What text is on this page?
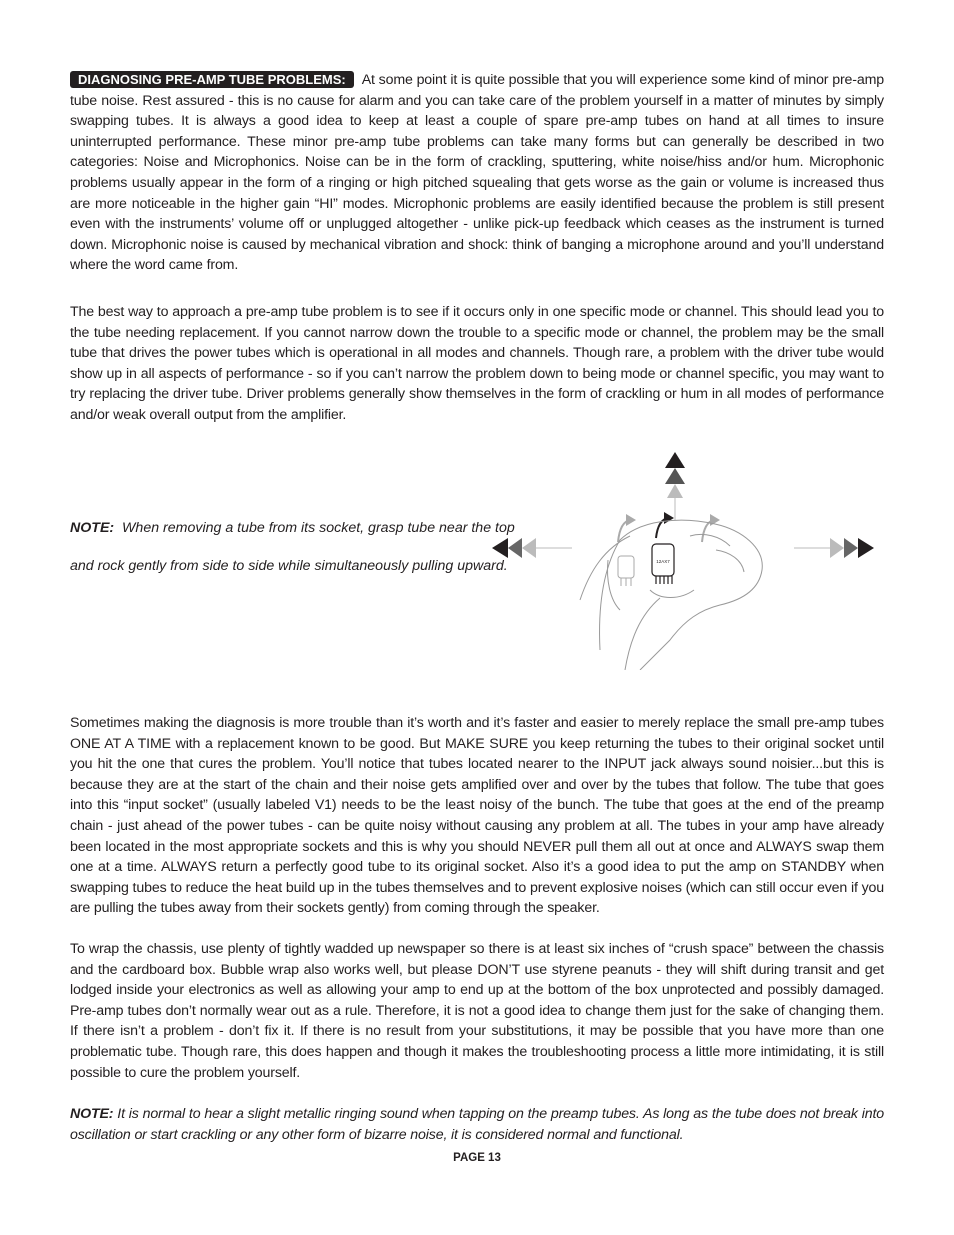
DIAGNOSING PRE-AMP TUBE PROBLEMS: At some point it is quite possible that you will experience some kind of minor pre-amp tube noise. Rest assured - this is no cause for alarm and you can take care of the problem yourself in a matter of minutes by simply swapping tubes. It is always a good idea to keep at least a couple of spare pre-amp tubes on hand at all times to insure uninterrupted performance. These minor pre-amp tube problems can take many forms but can generally be described in two categories: Noise and Microphonics. Noise can be in the form of crackling, sputtering, white noise/hiss and/or hum. Microphonic problems usually appear in the form of a ringing or high pitched squealing that gets worse as the gain or volume is increased thus are more noticeable in the higher gain “HI” modes. Microphonic problems are easily identified because the problem is still present even with the instruments’ volume off or unplugged altogether - unlike pick-up feedback which ceases as the instrument is turned down. Microphonic noise is caused by mechanical vibration and shock: think of banging a microphone around and you’ll understand where the word came from.

The best way to approach a pre-amp tube problem is to see if it occurs only in one specific mode or channel. This should lead you to the tube needing replacement. If you cannot narrow down the trouble to a specific mode or channel, the problem may be the small tube that drives the power tubes which is operational in all modes and channels. Though rare, a problem with the driver tube would show up in all aspects of performance - so if you can’t narrow the problem down to being mode or channel specific, you may want to try replacing the driver tube. Driver problems generally show themselves in the form of crackling or hum in all modes of performance and/or weak overall output from the amplifier.

NOTE: When removing a tube from its socket, grasp tube near the top
and rock gently from side to side while simultaneously pulling upward.	12AX7

Sometimes making the diagnosis is more trouble than it’s worth and it’s faster and easier to merely replace the small pre-amp tubes ONE AT A TIME with a replacement known to be good. But MAKE SURE you keep returning the tubes to their original socket until you hit the one that cures the problem. You’ll notice that tubes located nearer to the INPUT jack always sound noisier...but this is because they are at the start of the chain and their noise gets amplified over and over by the tubes that follow. The tube that goes into this “input socket” (usually labeled V1) needs to be the least noisy of the bunch. The tube that goes at the end of the preamp chain - just ahead of the power tubes - can be quite noisy without causing any problem at all. The tubes in your amp have already been located in the most appropriate sockets and this is why you should NEVER pull them all out at once and ALWAYS swap them one at a time. ALWAYS return a perfectly good tube to its original socket. Also it’s a good idea to put the amp on STANDBY when swapping tubes to reduce the heat build up in the tubes themselves and to prevent explosive noises (which can still occur even if you are pulling the tubes away from their sockets gently) from coming through the speaker.

To wrap the chassis, use plenty of tightly wadded up newspaper so there is at least six inches of “crush space” between the chassis and the cardboard box. Bubble wrap also works well, but please DON’T use styrene peanuts - they will shift during transit and get lodged inside your electronics as well as allowing your amp to end up at the bottom of the box unprotected and possibly damaged. Pre-amp tubes don’t normally wear out as a rule. Therefore, it is not a good idea to change them just for the sake of changing them. If there isn’t a problem - don’t fix it. If there is no result from your substitutions, it may be possible that you have more than one problematic tube. Though rare, this does happen and though it makes the troubleshooting process a little more intimidating, it is still possible to cure the problem yourself.

NOTE: It is normal to hear a slight metallic ringing sound when tapping on the preamp tubes. As long as the tube does not break into oscillation or start crackling or any other form of bizarre noise, it is considered normal and functional.

PAGE 13
